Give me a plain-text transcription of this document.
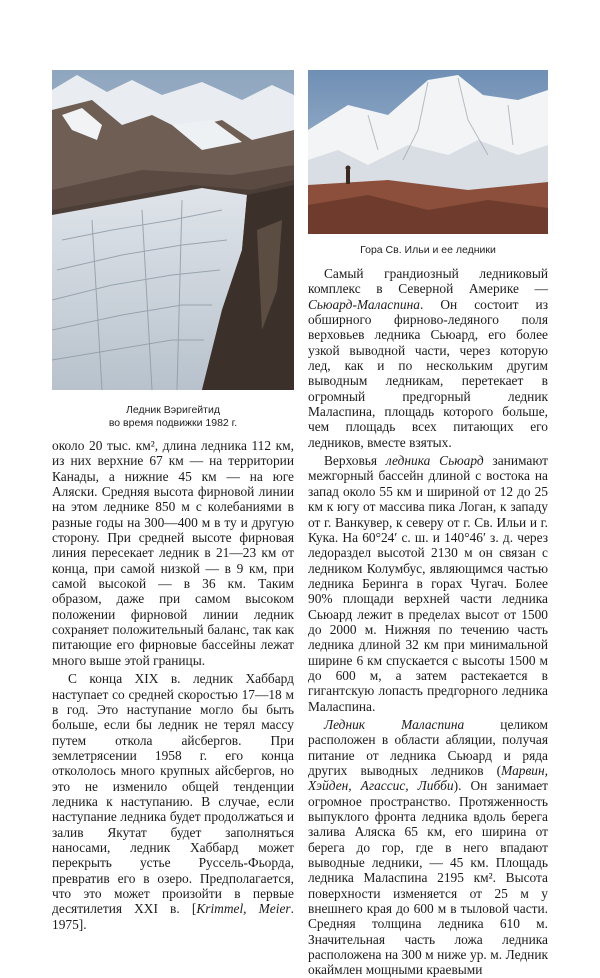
Ледник Вэригейтид
во время подвижки 1982 г.
Гора Св. Ильи и ее ледники

около 20 тыс. км², длина ледника 112 км, из них верхние 67 км — на территории Канады, а нижние 45 км — на юге Аляски. Средняя высота фирновой линии на этом леднике 850 м с колебаниями в разные годы на 300—400 м в ту и другую сторону. При средней высоте фирновая линия пересекает ледник в 21—23 км от конца, при самой низкой — в 9 км, при самой высокой — в 36 км. Таким образом, даже при самом высоком положении фирновой линии ледник сохраняет положительный баланс, так как питающие его фирновые бассейны лежат много выше этой границы.

С конца XIX в. ледник Хаббард наступает со средней скоростью 17—18 м в год. Это наступание могло бы быть больше, если бы ледник не терял массу путем откола айсбергов. При землетрясении 1958 г. его конца откололось много крупных айсбергов, но это не изменило общей тенденции ледника к наступанию. В случае, если наступание ледника будет продолжаться и залив Якутат будет заполняться наносами, ледник Хаббард может перекрыть устье Руссель-Фьорда, превратив его в озеро. Предполагается, что это может произойти в первые десятилетия XXI в. [Krimmel, Meier. 1975].

Самый грандиозный ледниковый комплекс в Северной Америке — Сьюард-Маласпина. Он состоит из обширного фирново-ледяного поля верховьев ледника Сьюард, его более узкой выводной части, через которую лед, как и по нескольким другим выводным ледникам, перетекает в огромный предгорный ледник Маласпина, площадь которого больше, чем площадь всех питающих его ледников, вместе взятых.

Верховья ледника Сьюард занимают межгорный бассейн длиной с востока на запад около 55 км и шириной от 12 до 25 км к югу от массива пика Логан, к западу от г. Ванкувер, к северу от г. Св. Ильи и г. Кука. На 60°24′ с. ш. и 140°46′ з. д. через ледораздел высотой 2130 м он связан с ледником Колумбус, являющимся частью ледника Беринга в горах Чугач. Более 90% площади верхней части ледника Сьюард лежит в пределах высот от 1500 до 2000 м. Нижняя по течению часть ледника длиной 32 км при минимальной ширине 6 км спускается с высоты 1500 м до 600 м, а затем растекается в гигантскую лопасть предгорного ледника Маласпина.

Ледник Маласпина целиком расположен в области абляции, получая питание от ледника Сьюард и ряда других выводных ледников (Марвин, Хэйден, Агассис, Либби). Он занимает огромное пространство. Протяженность выпуклого фронта ледника вдоль берега залива Аляска 65 км, его ширина от берега до гор, где в него впадают выводные ледники, — 45 км. Площадь ледника Маласпина 2195 км². Высота поверхности изменяется от 25 м у внешнего края до 600 м в тыловой части. Средняя толщина ледника 610 м. Значительная часть ложа ледника расположена на 300 м ниже ур. м. Ледник окаймлен мощными краевыми
